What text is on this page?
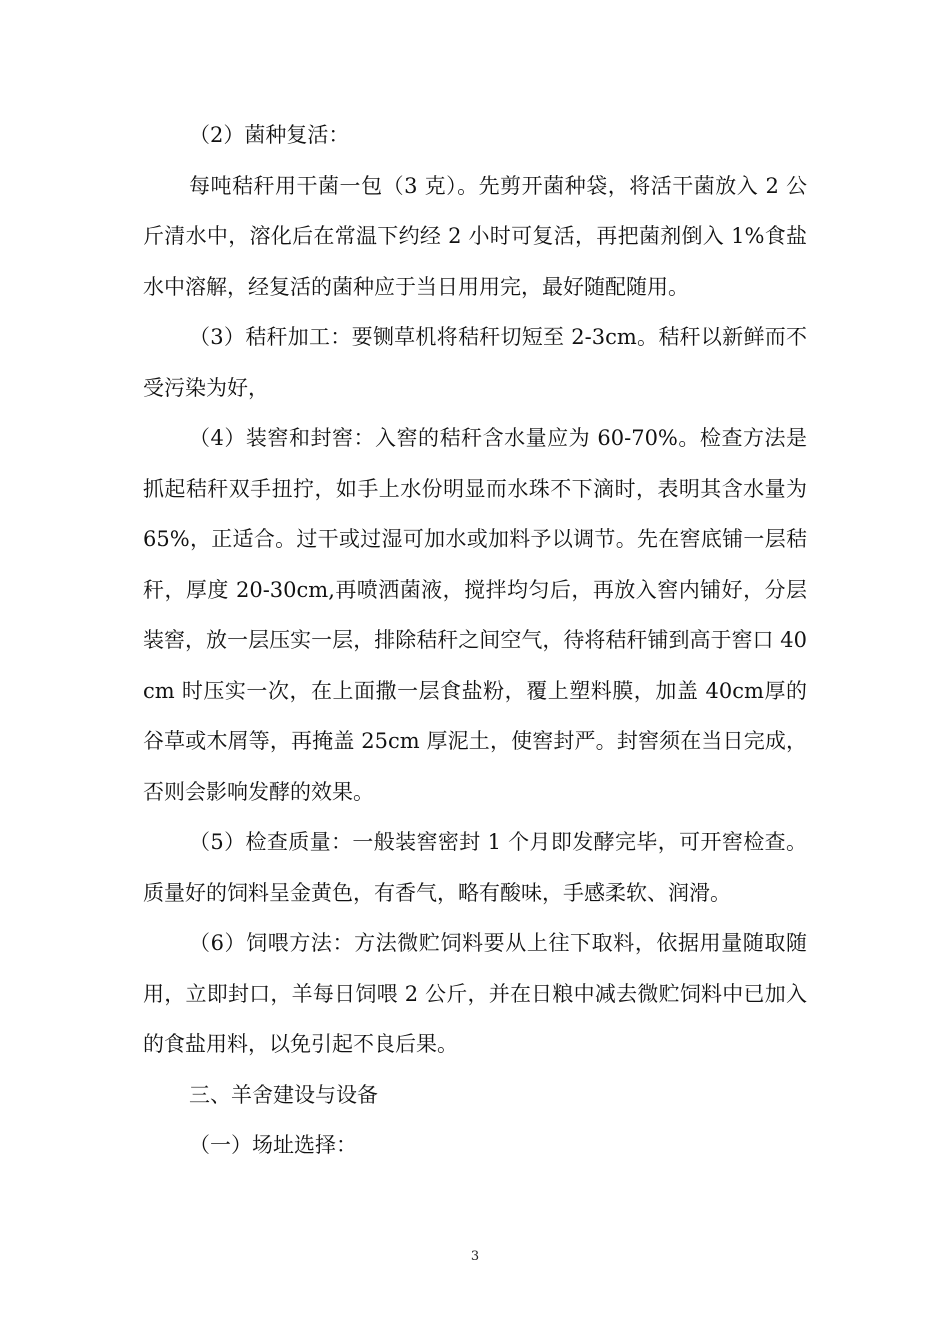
（2）菌种复活：

每吨秸秆用干菌一包（3 克）。先剪开菌种袋，将活干菌放入 2 公斤清水中，溶化后在常温下约经 2 小时可复活，再把菌剂倒入 1%食盐水中溶解，经复活的菌种应于当日用用完，最好随配随用。

（3）秸秆加工：要铡草机将秸秆切短至 2-3cm。秸秆以新鲜而不受污染为好，

（4）装窖和封窖：入窖的秸秆含水量应为 60-70%。检查方法是抓起秸秆双手扭拧，如手上水份明显而水珠不下滴时，表明其含水量为 65%，正适合。过干或过湿可加水或加料予以调节。先在窖底铺一层秸秆，厚度 20-30cm,再喷洒菌液，搅拌均匀后，再放入窖内铺好，分层装窖，放一层压实一层，排除秸秆之间空气，待将秸秆铺到高于窖口 40cm 时压实一次，在上面撒一层食盐粉，覆上塑料膜，加盖 40cm厚的谷草或木屑等，再掩盖 25cm 厚泥土，使窖封严。封窖须在当日完成，否则会影响发酵的效果。

（5）检查质量：一般装窖密封 1 个月即发酵完毕，可开窖检查。质量好的饲料呈金黄色，有香气，略有酸味，手感柔软、润滑。

（6）饲喂方法：方法微贮饲料要从上往下取料，依据用量随取随用，立即封口，羊每日饲喂 2 公斤，并在日粮中减去微贮饲料中已加入的食盐用料，以免引起不良后果。

三、羊舍建设与设备

（一）场址选择：

3
